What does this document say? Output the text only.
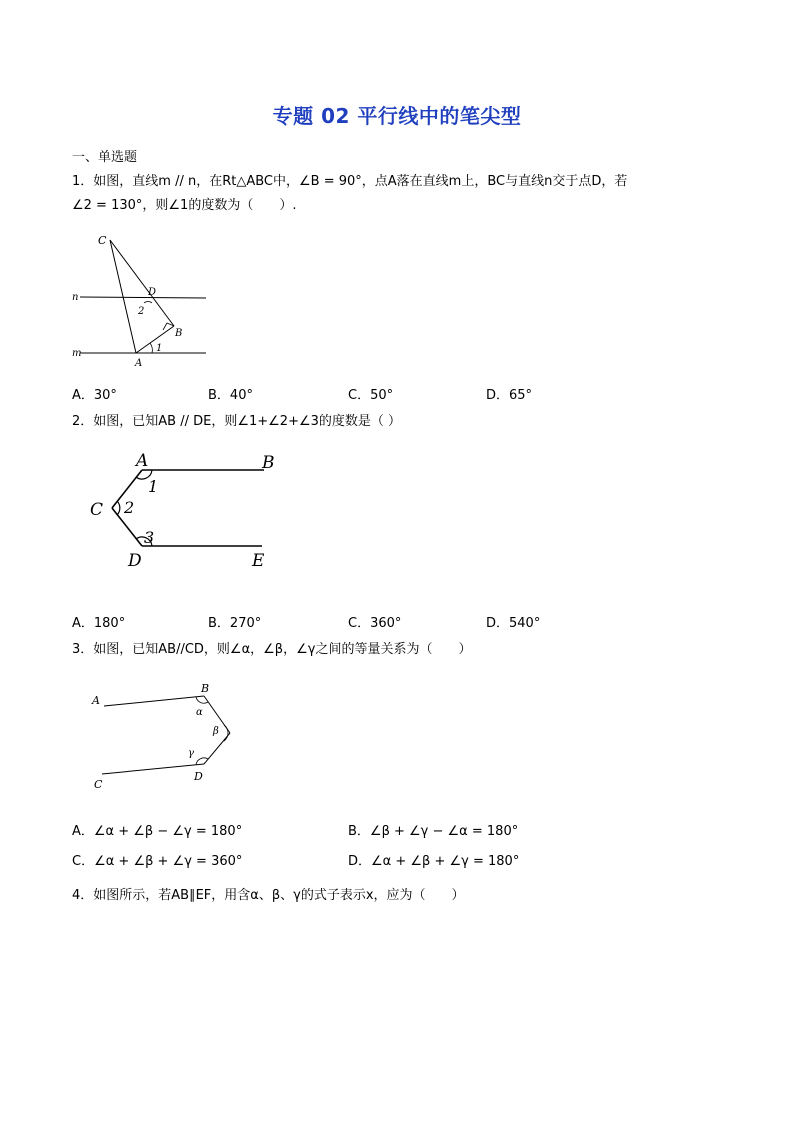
专题 02 平行线中的笔尖型
一、单选题
1．如图，直线m // n，在Rt△ABC中，∠B = 90°，点A落在直线m上，BC与直线n交于点D，若
∠2 = 130°，则∠1的度数为（　　）.
C
n	D
2
B
m
A
1
A．30°	B．40°	C．50°	D．65°
2．如图，已知AB // DE，则∠1+∠2+∠3的度数是（ ）
A	B
1
C 2
3
D	E
A．180°	B．270°	C．360°	D．540°
3．如图，已知AB//CD，则∠α，∠β，∠γ之间的等量关系为（　　）
A
B
α
β
γ
C
D
A．∠α + ∠β − ∠γ = 180°	B．∠β + ∠γ − ∠α = 180°
C．∠α + ∠β + ∠γ = 360°	D．∠α + ∠β + ∠γ = 180°
4．如图所示，若AB∥EF，用含α、β、γ的式子表示x，应为（　　）
